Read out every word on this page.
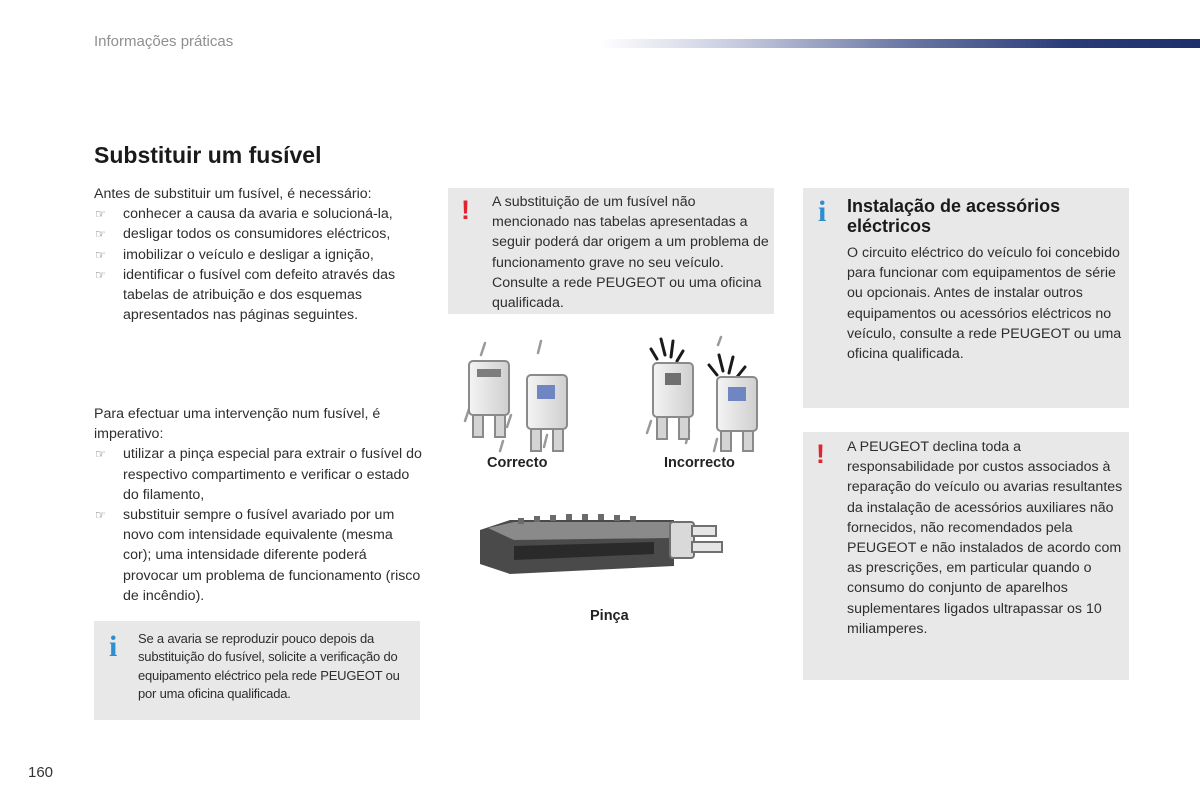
Informações práticas
Substituir um fusível
Antes de substituir um fusível, é necessário:
☞ conhecer a causa da avaria e solucioná-la,
☞ desligar todos os consumidores eléctricos,
☞ imobilizar o veículo e desligar a ignição,
☞ identificar o fusível com defeito através das tabelas de atribuição e dos esquemas apresentados nas páginas seguintes.
Para efectuar uma intervenção num fusível, é imperativo:
☞ utilizar a pinça especial para extrair o fusível do respectivo compartimento e verificar o estado do filamento,
☞ substituir sempre o fusível avariado por um novo com intensidade equivalente (mesma cor); uma intensidade diferente poderá provocar um problema de funcionamento (risco de incêndio).
i Se a avaria se reproduzir pouco depois da substituição do fusível, solicite a verificação do equipamento eléctrico pela rede PEUGEOT ou por uma oficina qualificada.
! A substituição de um fusível não mencionado nas tabelas apresentadas a seguir poderá dar origem a um problema de funcionamento grave no seu veículo. Consulte a rede PEUGEOT ou uma oficina qualificada.
Correcto	Incorrecto
Pinça
i Instalação de acessórios eléctricos
O circuito eléctrico do veículo foi concebido para funcionar com equipamentos de série ou opcionais. Antes de instalar outros equipamentos ou acessórios eléctricos no veículo, consulte a rede PEUGEOT ou uma oficina qualificada.
! A PEUGEOT declina toda a responsabilidade por custos associados à reparação do veículo ou avarias resultantes da instalação de acessórios auxiliares não fornecidos, não recomendados pela PEUGEOT e não instalados de acordo com as prescrições, em particular quando o consumo do conjunto de aparelhos suplementares ligados ultrapassar os 10 miliamperes.
160
